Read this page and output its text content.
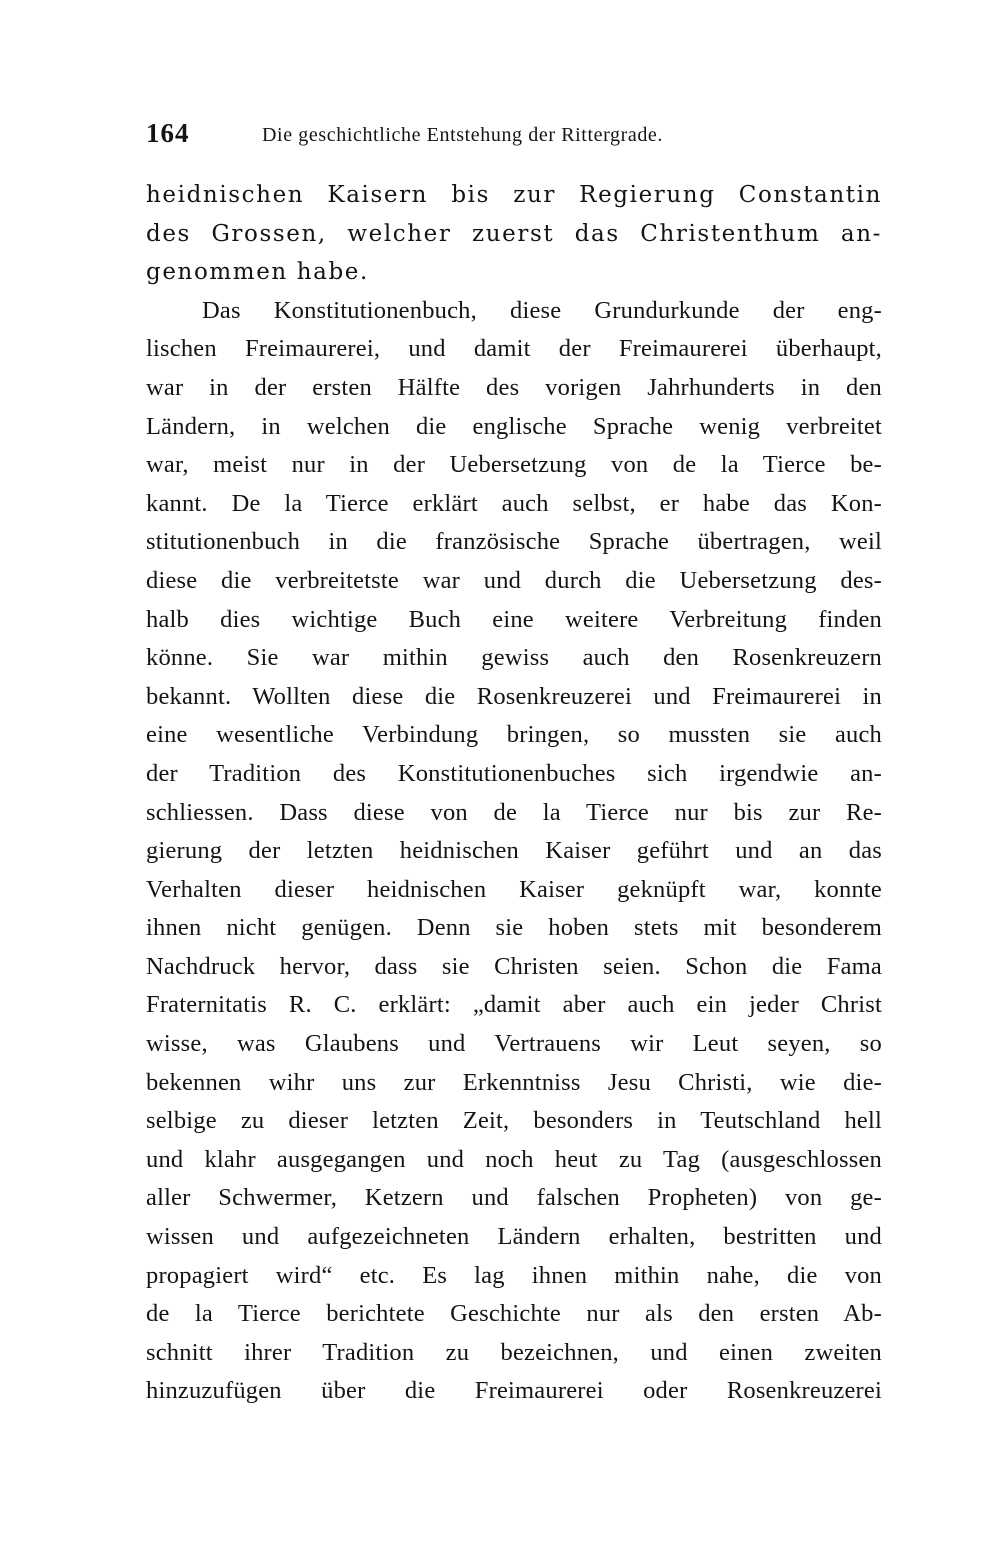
164	Die geschichtliche Entstehung der Rittergrade.
heidnischen Kaisern bis zur Regierung Constantin
des Grossen, welcher zuerst das Christenthum an-
genommen habe.
Das Konstitutionenbuch, diese Grundurkunde der eng-
lischen Freimaurerei, und damit der Freimaurerei überhaupt,
war in der ersten Hälfte des vorigen Jahrhunderts in den
Ländern, in welchen die englische Sprache wenig verbreitet
war, meist nur in der Uebersetzung von de la Tierce be-
kannt. De la Tierce erklärt auch selbst, er habe das Kon-
stitutionenbuch in die französische Sprache übertragen, weil
diese die verbreitetste war und durch die Uebersetzung des-
halb dies wichtige Buch eine weitere Verbreitung finden
könne. Sie war mithin gewiss auch den Rosenkreuzern
bekannt. Wollten diese die Rosenkreuzerei und Freimaurerei in
eine wesentliche Verbindung bringen, so mussten sie auch
der Tradition des Konstitutionenbuches sich irgendwie an-
schliessen. Dass diese von de la Tierce nur bis zur Re-
gierung der letzten heidnischen Kaiser geführt und an das
Verhalten dieser heidnischen Kaiser geknüpft war, konnte
ihnen nicht genügen. Denn sie hoben stets mit besonderem
Nachdruck hervor, dass sie Christen seien. Schon die Fama
Fraternitatis R. C. erklärt: „damit aber auch ein jeder Christ
wisse, was Glaubens und Vertrauens wir Leut seyen, so
bekennen wihr uns zur Erkenntniss Jesu Christi, wie die-
selbige zu dieser letzten Zeit, besonders in Teutschland hell
und klahr ausgegangen und noch heut zu Tag (ausgeschlossen
aller Schwermer, Ketzern und falschen Propheten) von ge-
wissen und aufgezeichneten Ländern erhalten, bestritten und
propagiert wird“ etc. Es lag ihnen mithin nahe, die von
de la Tierce berichtete Geschichte nur als den ersten Ab-
schnitt ihrer Tradition zu bezeichnen, und einen zweiten
hinzuzufügen über die Freimaurerei oder Rosenkreuzerei
